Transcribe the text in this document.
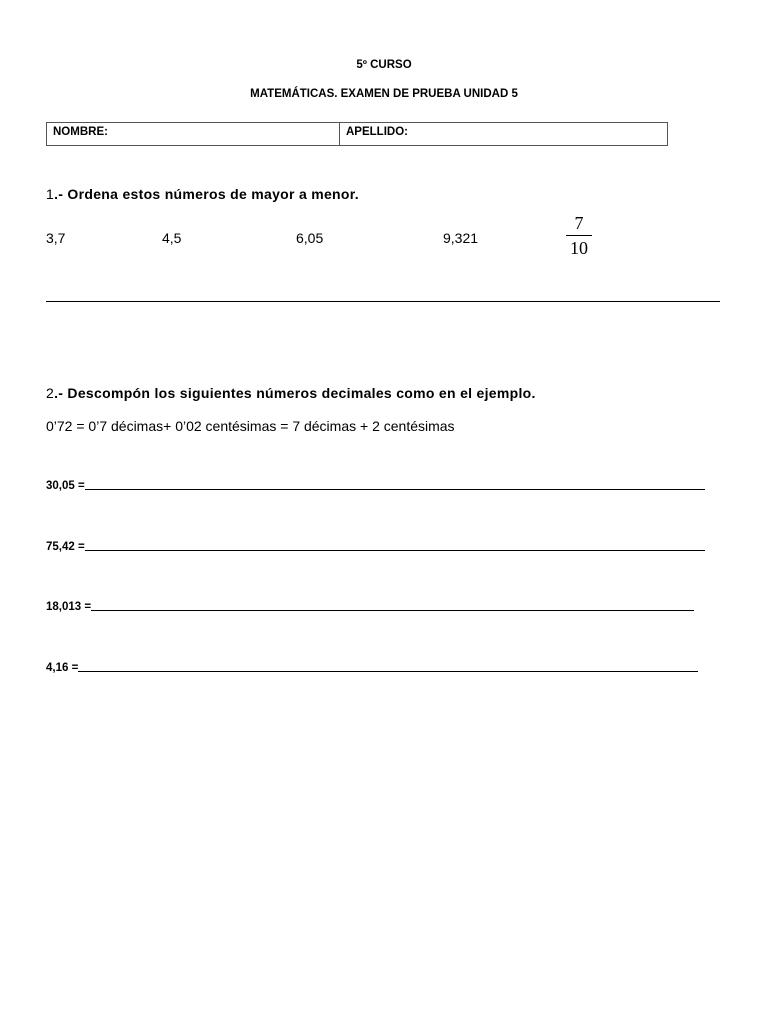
5º CURSO
MATEMÁTICAS. EXAMEN DE PRUEBA UNIDAD 5
NOMBRE:	APELLIDO:
1.- Ordena estos números de mayor a menor.
3,7	4,5	6,05	9,321
7
10
2.- Descompón los siguientes números decimales como en el ejemplo.
0’72 = 0’7 décimas+ 0’02 centésimas = 7 décimas + 2 centésimas
30,05 =
75,42 =
18,013 =
4,16 =
